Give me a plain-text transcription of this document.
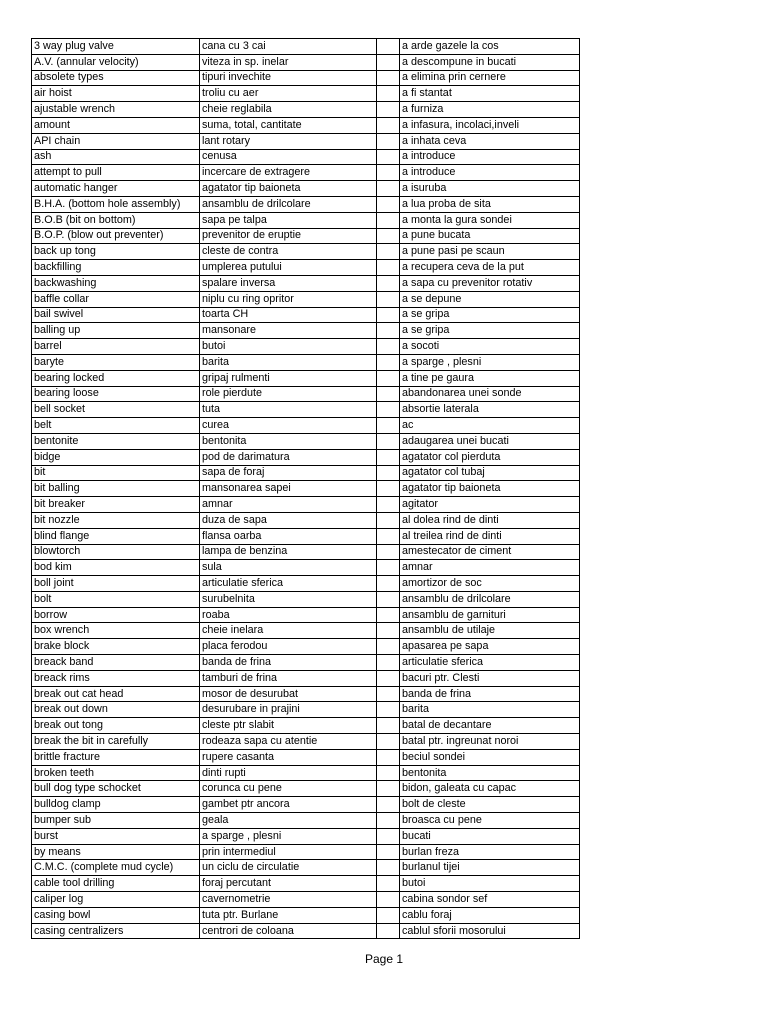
3 way plug valve	cana cu 3 cai		a arde gazele la cos
A.V. (annular velocity)	viteza in sp. inelar		a descompune in bucati
absolete types	tipuri invechite		a elimina prin cernere
air hoist	troliu cu aer		a fi stantat
ajustable wrench	cheie reglabila		a furniza
amount	suma, total, cantitate		a infasura, incolaci,inveli
API chain	lant rotary		a inhata ceva
ash	cenusa		a introduce
attempt to pull	incercare de extragere		a introduce
automatic hanger	agatator tip baioneta		a isuruba
B.H.A. (bottom hole assembly)	ansamblu de drilcolare		a lua proba de sita
B.O.B (bit on bottom)	sapa pe talpa		a monta la gura sondei
B.O.P. (blow out preventer)	prevenitor de eruptie		a pune bucata
back up tong	cleste de contra		a pune pasi pe scaun
backfilling	umplerea putului		a recupera ceva de la put
backwashing	spalare inversa		a sapa cu prevenitor rotativ
baffle collar	niplu cu ring opritor		a se depune
bail swivel	toarta CH		a se gripa
balling up	mansonare		a se gripa
barrel	butoi		a socoti
baryte	barita		a sparge , plesni
bearing locked	gripaj rulmenti		a tine pe gaura
bearing loose	role pierdute		abandonarea unei sonde
bell socket	tuta		absortie laterala
belt	curea		ac
bentonite	bentonita		adaugarea unei bucati
bidge	pod de darimatura		agatator col pierduta
bit	sapa de foraj		agatator col tubaj
bit balling	mansonarea sapei		agatator tip baioneta
bit breaker	amnar		agitator
bit nozzle	duza de sapa		al dolea rind de dinti
blind flange	flansa oarba		al treilea rind de dinti
blowtorch	lampa de benzina		amestecator de ciment
bod kim	sula		amnar
boll joint	articulatie sferica		amortizor de soc
bolt	surubelnita		ansamblu de drilcolare
borrow	roaba		ansamblu de garnituri
box wrench	cheie inelara		ansamblu de utilaje
brake block	placa ferodou		apasarea pe sapa
breack band	banda de frina		articulatie sferica
breack rims	tamburi de frina		bacuri ptr. Clesti
break out cat head	mosor de desurubat		banda de frina
break out down	desurubare in prajini		barita
break out tong	cleste ptr slabit		batal de decantare
break the bit in carefully	rodeaza sapa cu atentie		batal ptr. ingreunat noroi
brittle fracture	rupere casanta		beciul sondei
broken teeth	dinti rupti		bentonita
bull dog type schocket	corunca cu pene		bidon, galeata cu capac
bulldog clamp	gambet ptr ancora		bolt de cleste
bumper sub	geala		broasca cu pene
burst	a sparge , plesni		bucati
by means	prin intermediul		burlan freza
C.M.C. (complete mud cycle)	un ciclu de circulatie		burlanul tijei
cable tool drilling	foraj percutant		butoi
caliper log	cavernometrie		cabina sondor sef
casing bowl	tuta ptr. Burlane		cablu foraj
casing centralizers	centrori de coloana		cablul sforii mosorului
Page 1
